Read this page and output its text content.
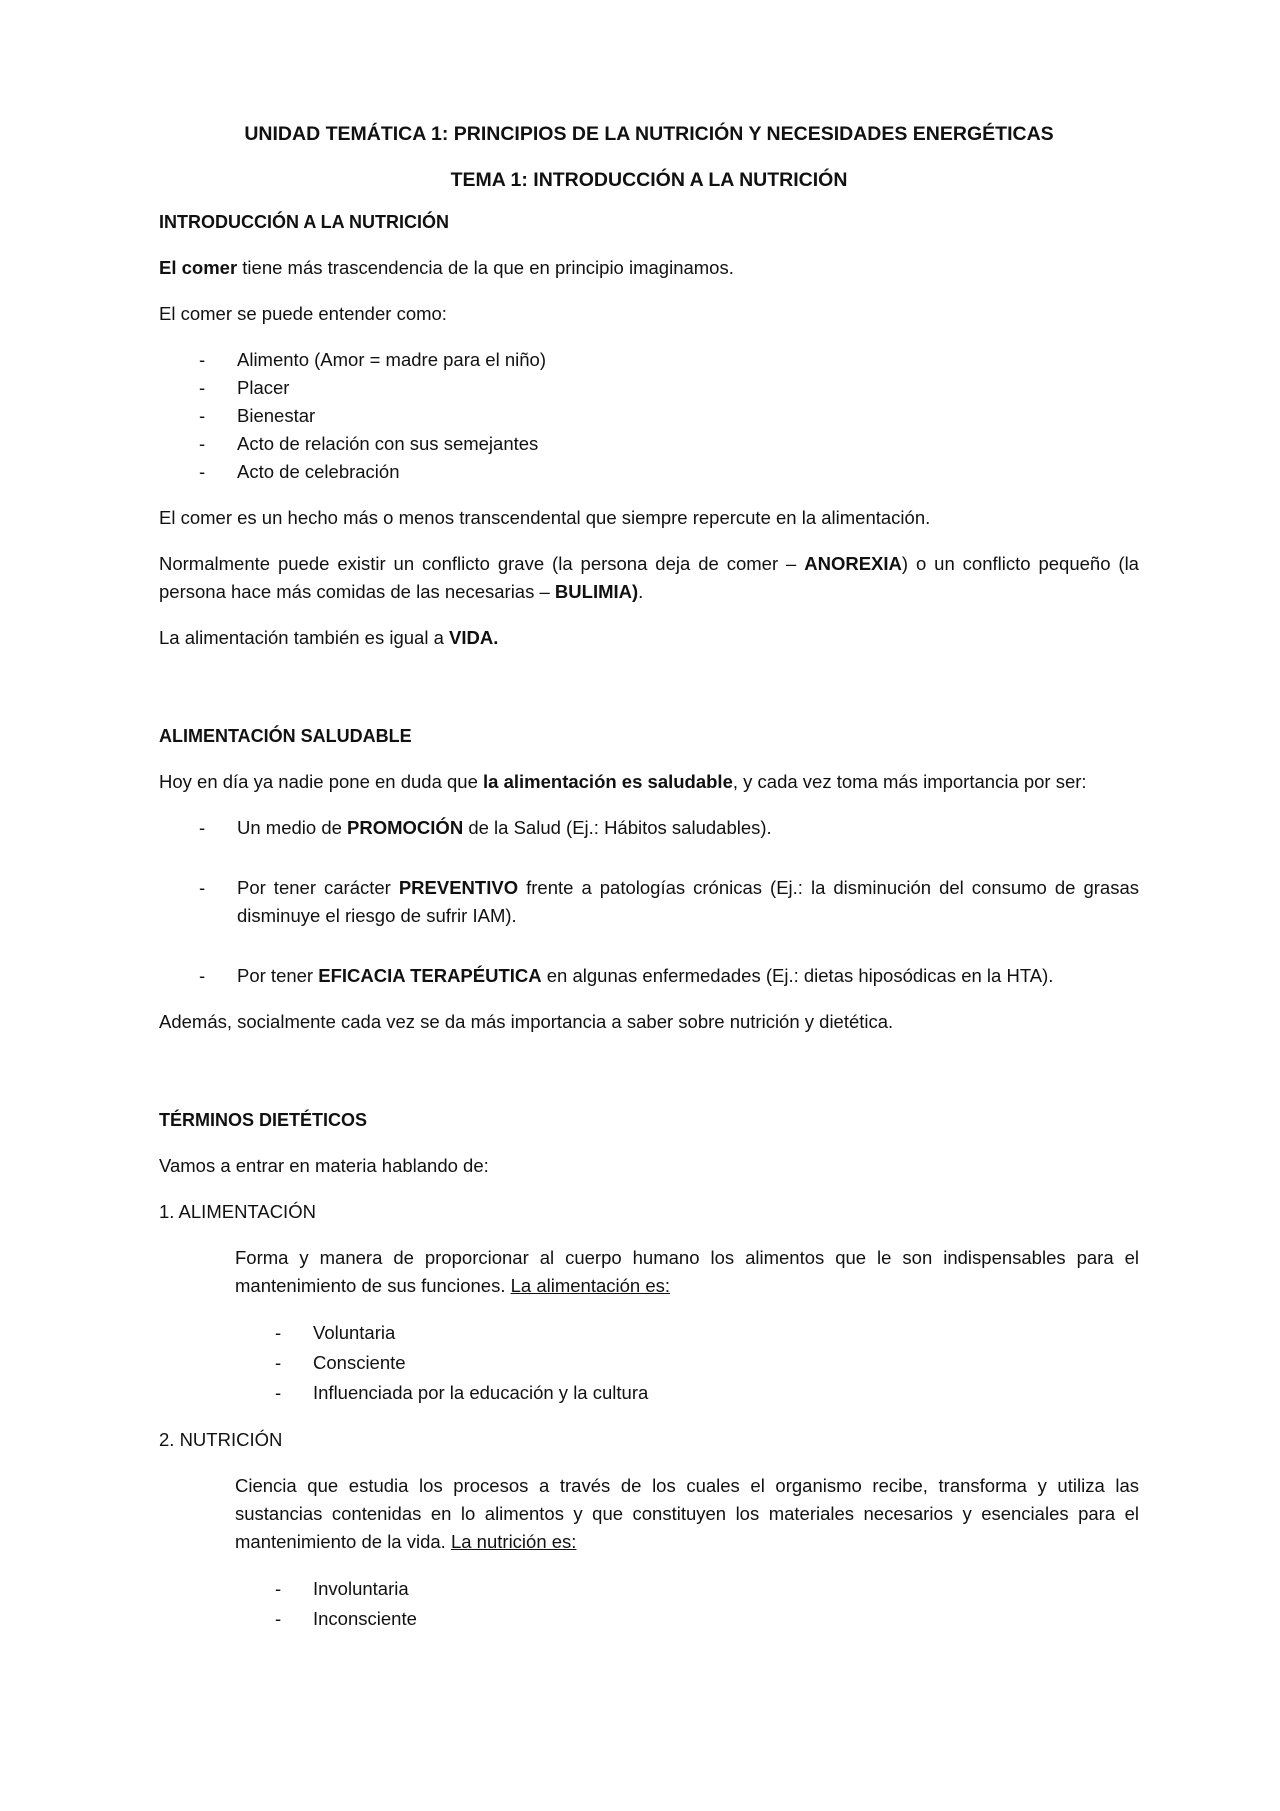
UNIDAD TEMÁTICA 1: PRINCIPIOS DE LA NUTRICIÓN Y NECESIDADES ENERGÉTICAS

TEMA 1: INTRODUCCIÓN A LA NUTRICIÓN

INTRODUCCIÓN A LA NUTRICIÓN

El comer tiene más trascendencia de la que en principio imaginamos.

El comer se puede entender como:

- Alimento (Amor = madre para el niño)
- Placer
- Bienestar
- Acto de relación con sus semejantes
- Acto de celebración

El comer es un hecho más o menos transcendental que siempre repercute en la alimentación.

Normalmente puede existir un conflicto grave (la persona deja de comer – ANOREXIA) o un conflicto pequeño (la persona hace más comidas de las necesarias – BULIMIA).

La alimentación también es igual a VIDA.

ALIMENTACIÓN SALUDABLE

Hoy en día ya nadie pone en duda que la alimentación es saludable, y cada vez toma más importancia por ser:

- Un medio de PROMOCIÓN de la Salud (Ej.: Hábitos saludables).
- Por tener carácter PREVENTIVO frente a patologías crónicas (Ej.: la disminución del consumo de grasas disminuye el riesgo de sufrir IAM).
- Por tener EFICACIA TERAPÉUTICA en algunas enfermedades (Ej.: dietas hiposódicas en la HTA).

Además, socialmente cada vez se da más importancia a saber sobre nutrición y dietética.

TÉRMINOS DIETÉTICOS

Vamos a entrar en materia hablando de:

1. ALIMENTACIÓN

Forma y manera de proporcionar al cuerpo humano los alimentos que le son indispensables para el mantenimiento de sus funciones. La alimentación es:

- Voluntaria
- Consciente
- Influenciada por la educación y la cultura

2. NUTRICIÓN

Ciencia que estudia los procesos a través de los cuales el organismo recibe, transforma y utiliza las sustancias contenidas en lo alimentos y que constituyen los materiales necesarios y esenciales para el mantenimiento de la vida. La nutrición es:

- Involuntaria
- Inconsciente
